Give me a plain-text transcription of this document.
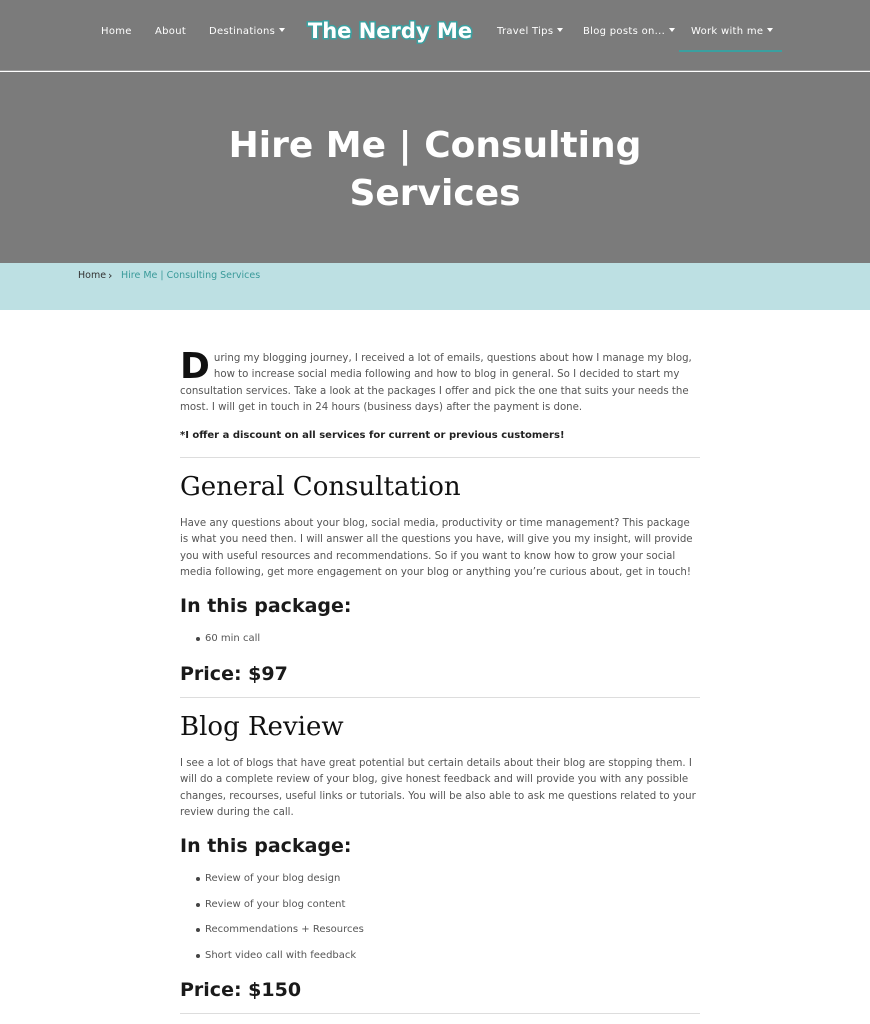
Home About Destinations	The Nerdy Me Travel Tips	Blog posts on...	Work with me
Hire Me | Consulting Services
Home › Hire Me | Consulting Services

During my blogging journey, I received a lot of emails, questions about how I manage my blog, how to increase social media following and how to blog in general. So I decided to start my consultation services. Take a look at the packages I offer and pick the one that suits your needs the most. I will get in touch in 24 hours (business days) after the payment is done.

*I offer a discount on all services for current or previous customers!

General Consultation

Have any questions about your blog, social media, productivity or time management? This package is what you need then. I will answer all the questions you have, will give you my insight, will provide you with useful resources and recommendations. So if you want to know how to grow your social media following, get more engagement on your blog or anything you’re curious about, get in touch!

In this package:
60 min call
Price: $97
Blog Review

I see a lot of blogs that have great potential but certain details about their blog are stopping them. I will do a complete review of your blog, give honest feedback and will provide you with any possible changes, recourses, useful links or tutorials. You will be also able to ask me questions related to your review during the call.

In this package:
Review of your blog design
Review of your blog content
Recommendations + Resources
Short video call with feedback
Price: $150
